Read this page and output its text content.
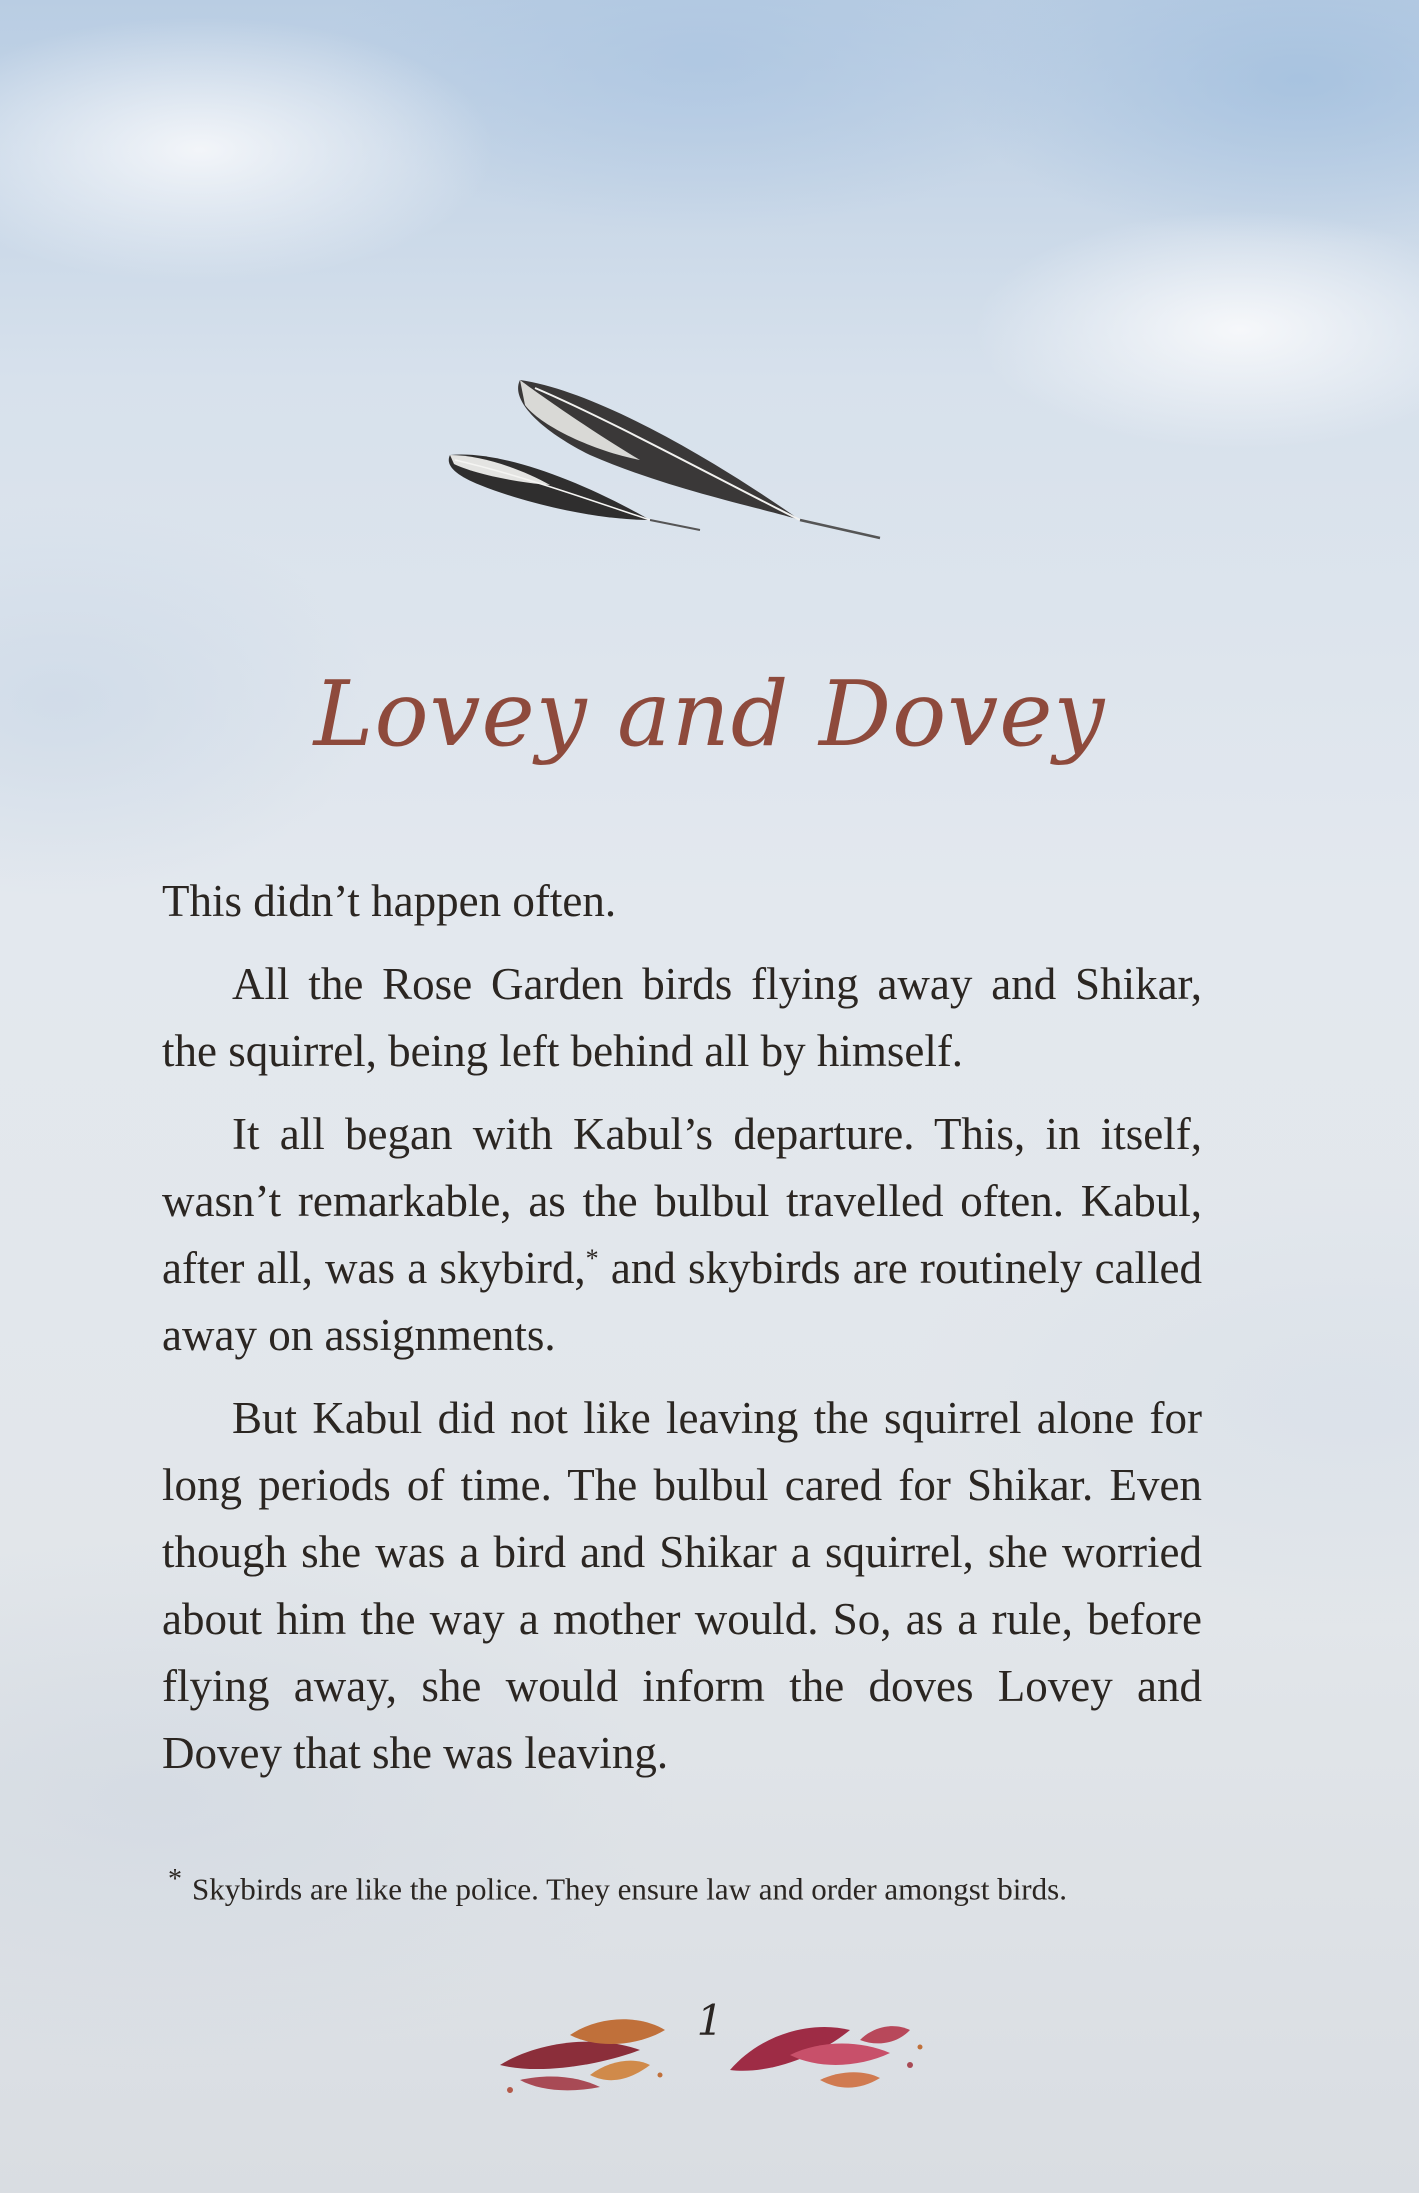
Lovey and Dovey

This didn’t happen often.

All the Rose Garden birds flying away and Shikar, the squirrel, being left behind all by himself.

It all began with Kabul’s departure. This, in itself, wasn’t remarkable, as the bulbul travelled often. Kabul, after all, was a skybird,* and skybirds are routinely called away on assignments.

But Kabul did not like leaving the squirrel alone for long periods of time. The bulbul cared for Shikar. Even though she was a bird and Shikar a squirrel, she worried about him the way a mother would. So, as a rule, before flying away, she would inform the doves Lovey and Dovey that she was leaving.

* Skybirds are like the police. They ensure law and order amongst birds.
1
